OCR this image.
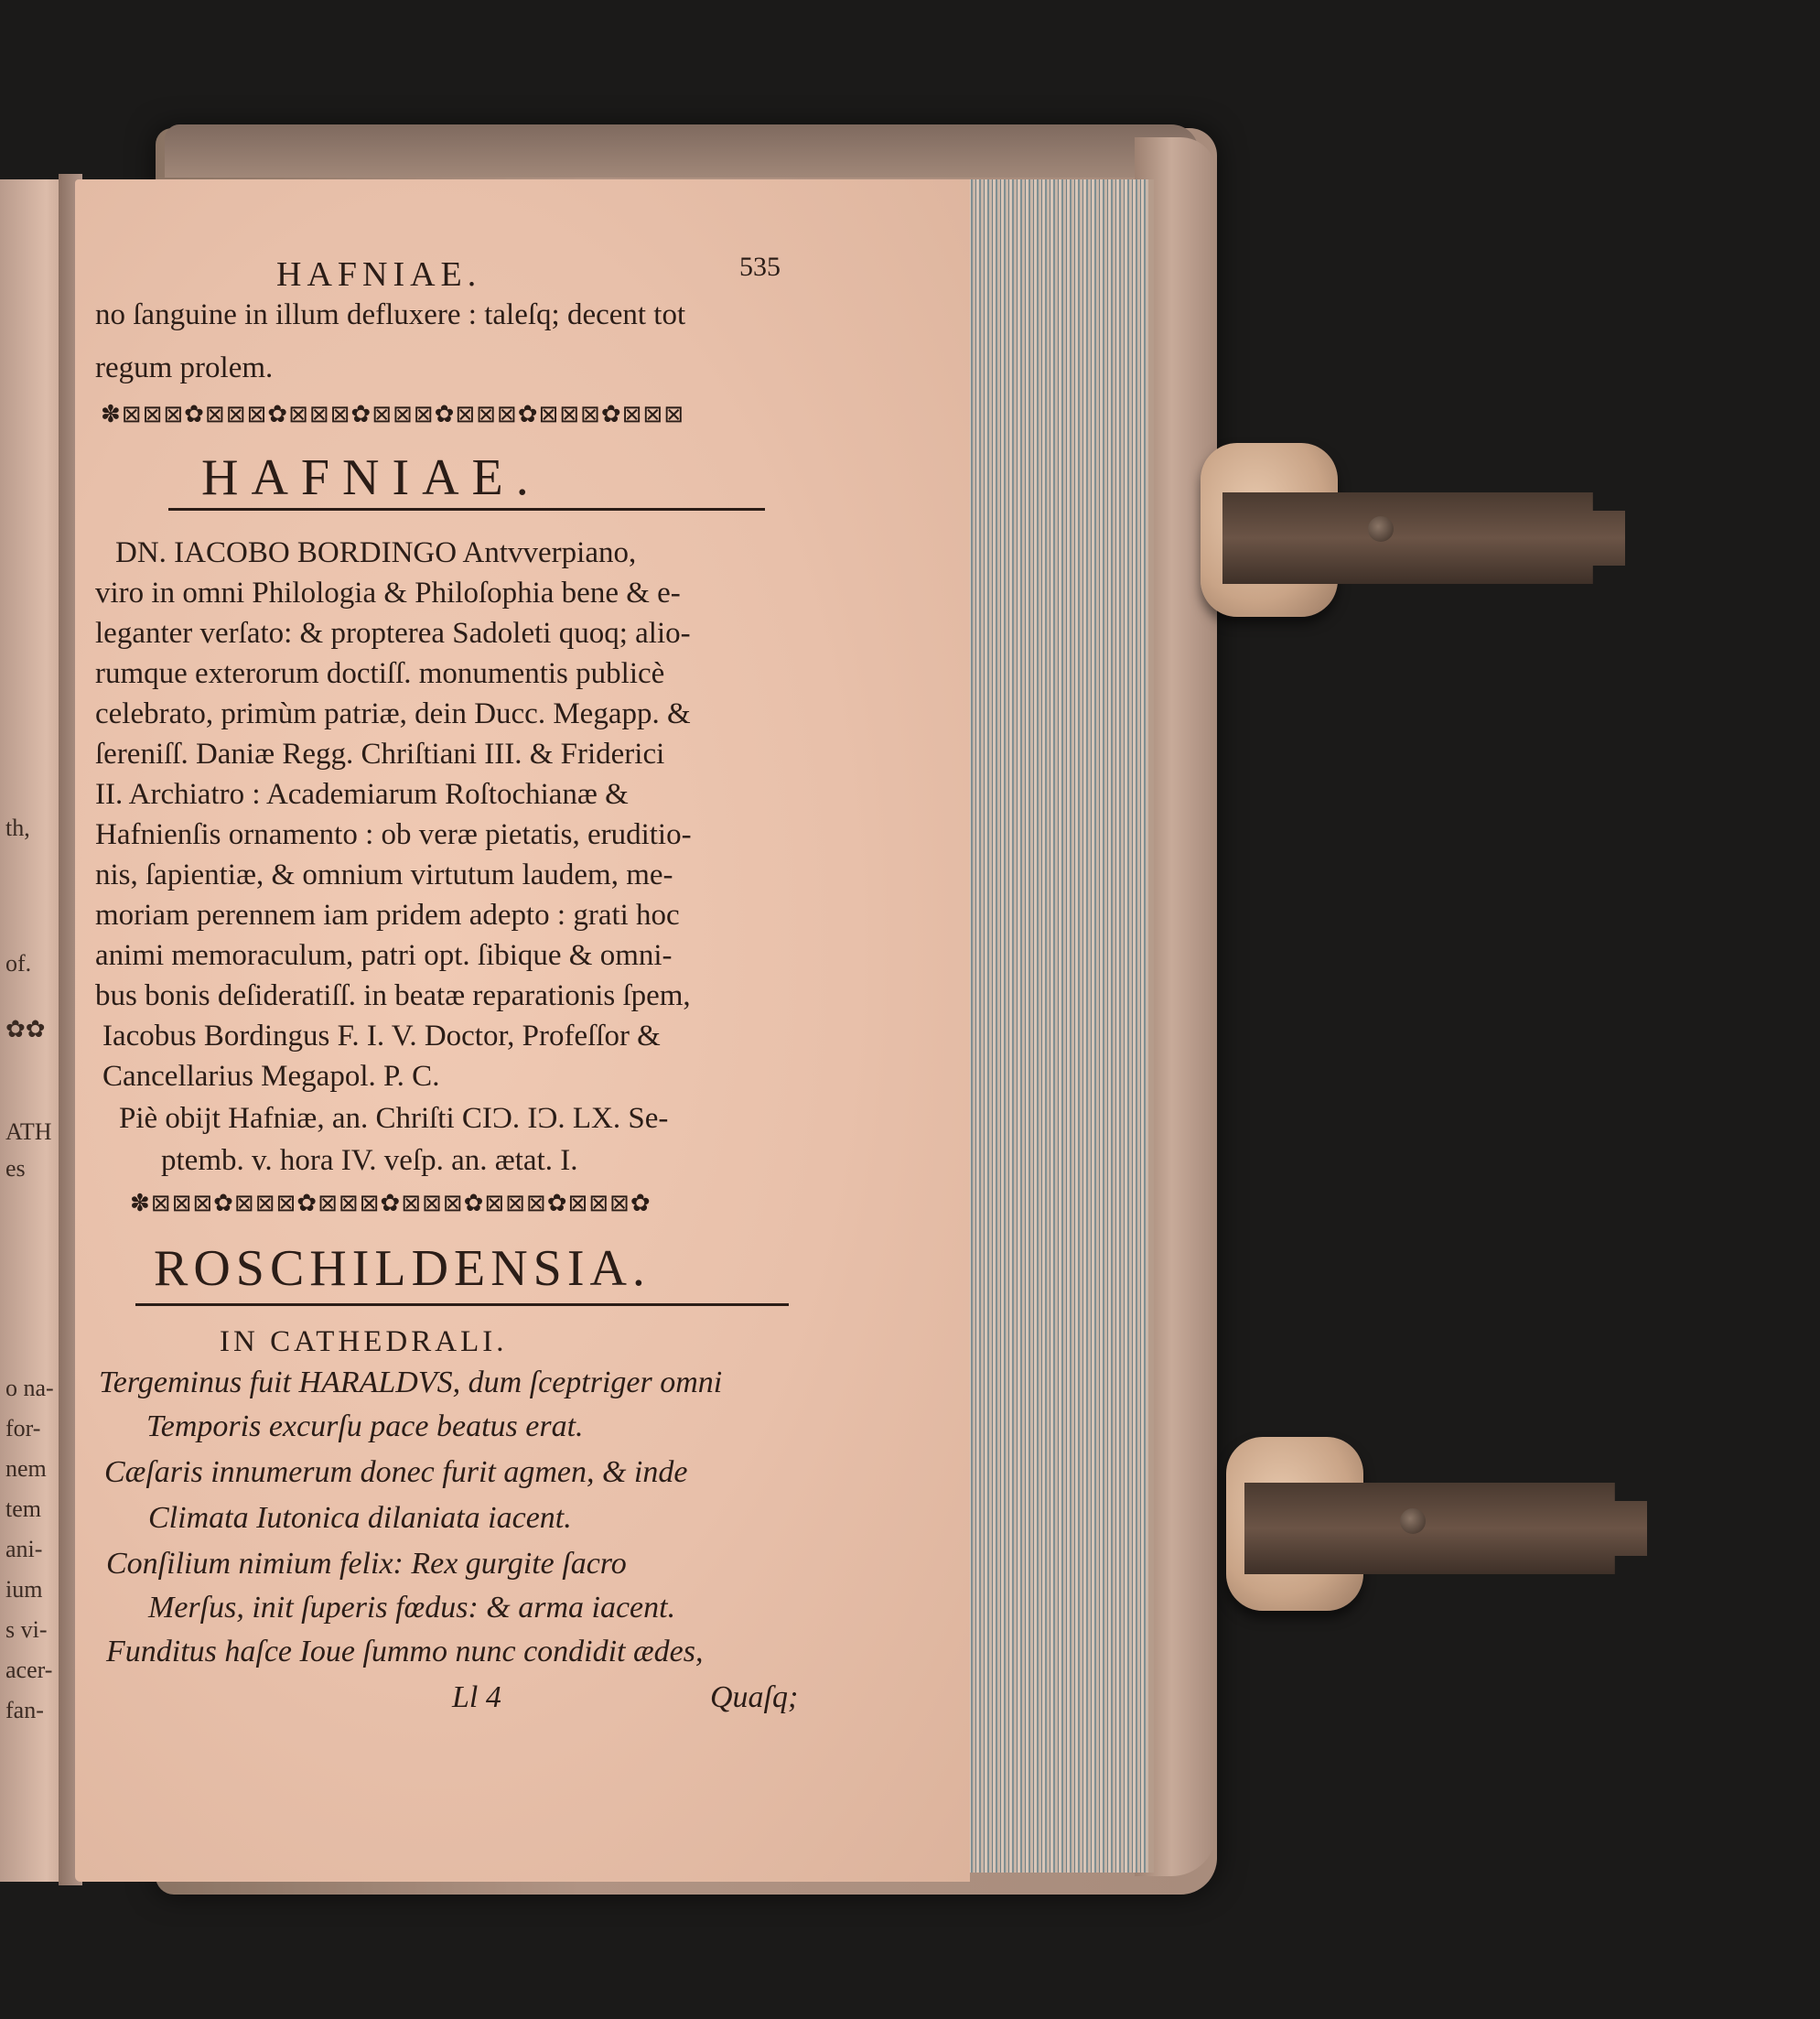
th,
of.
✿✿
ATH
es
o na-
for-
nem
tem
ani-
ium
s vi-
acer-
fan-
HAFNIAE.	535
no ſanguine in illum defluxere : taleſq; decent tot
regum prolem.
✽⊠⊠⊠✿⊠⊠⊠✿⊠⊠⊠✿⊠⊠⊠✿⊠⊠⊠✿⊠⊠⊠✿⊠⊠⊠
HAFNIAE.
DN. IACOBO BORDINGO Antvverpiano,
viro in omni Philologia & Philoſophia bene & e-
leganter verſato: & propterea Sadoleti quoq; alio-
rumque exterorum doctiſſ. monumentis publicè
celebrato, primùm patriæ, dein Ducc. Megapp. &
ſereniſſ. Daniæ Regg. Chriſtiani III. & Friderici
II. Archiatro : Academiarum Roſtochianæ &
Hafnienſis ornamento : ob veræ pietatis, eruditio-
nis, ſapientiæ, & omnium virtutum laudem, me-
moriam perennem iam pridem adepto : grati hoc
animi memoraculum, patri opt. ſibique & omni-
bus bonis deſideratiſſ. in beatæ reparationis ſpem,
Iacobus Bordingus F. I. V. Doctor, Profeſſor &
Cancellarius Megapol. P. C.
Piè obijt Hafniæ, an. Chriſti CIƆ. IƆ. LX. Se-
ptemb. v. hora IV. veſp. an. ætat. I.
✽⊠⊠⊠✿⊠⊠⊠✿⊠⊠⊠✿⊠⊠⊠✿⊠⊠⊠✿⊠⊠⊠✿
ROSCHILDENSIA.
IN CATHEDRALI.
Tergeminus fuit HARALDVS, dum ſceptriger omni
Temporis excurſu pace beatus erat.
Cæſaris innumerum donec furit agmen, & inde
Climata Iutonica dilaniata iacent.
Conſilium nimium felix: Rex gurgite ſacro
Merſus, init ſuperis fœdus: & arma iacent.
Funditus haſce Ioue ſummo nunc condidit ædes,
Ll 4	Quaſq;
